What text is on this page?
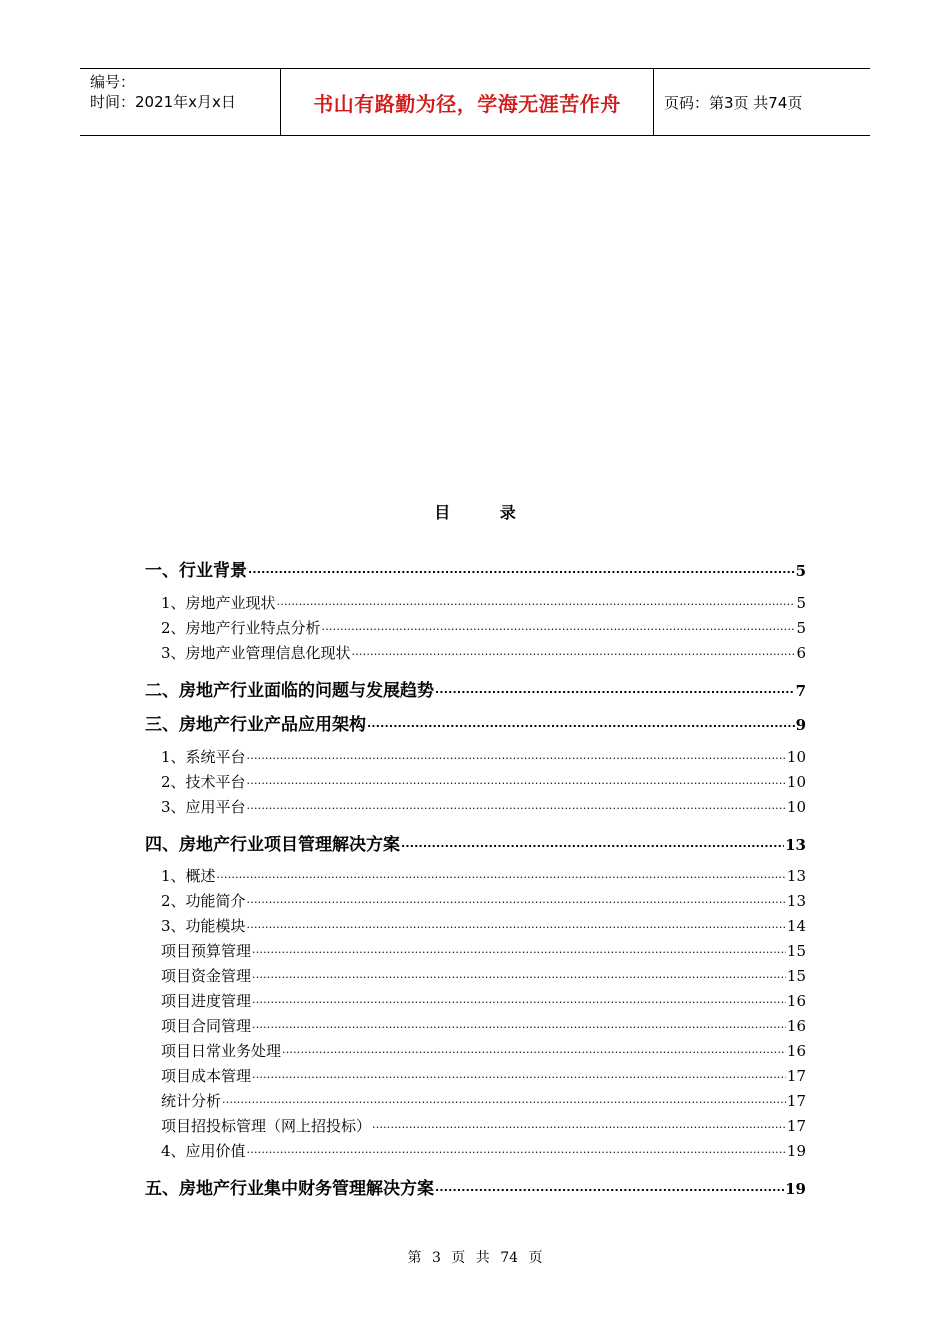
编号：
时间：2021年x月x日	书山有路勤为径，学海无涯苦作舟	页码：第3页 共74页
目 录
一、行业背景 .....	5
1、房地产业现状 .....	5
2、房地产行业特点分析 .....	5
3、房地产业管理信息化现状 .....	6
二、房地产行业面临的问题与发展趋势 .....	7
三、房地产行业产品应用架构 .....	9
1、系统平台 .....	10
2、技术平台 .....	10
3、应用平台 .....	10
四、房地产行业项目管理解决方案 .....	13
1、概述 .....	13
2、功能简介 .....	13
3、功能模块 .....	14
项目预算管理 .....	15
项目资金管理 .....	15
项目进度管理 .....	16
项目合同管理 .....	16
项目日常业务处理 .....	16
项目成本管理 .....	17
统计分析 .....	17
项目招投标管理（网上招投标） .....	17
4、应用价值 .....	19
五、房地产行业集中财务管理解决方案 .....	19
第 3 页 共 74 页
